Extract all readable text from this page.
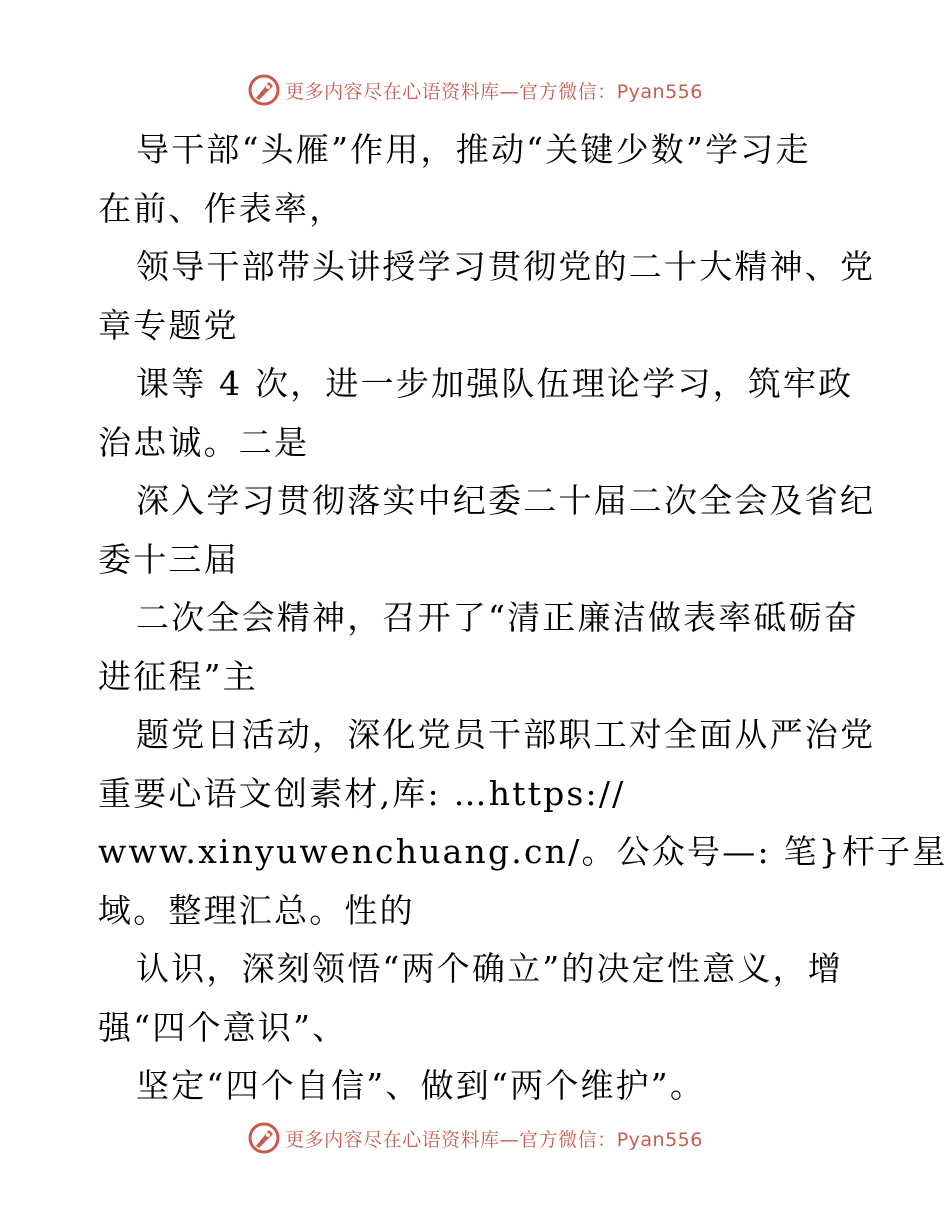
更多内容尽在心语资料库—官方微信：Pyan556
导干部“头雁”作用，推动“关键少数”学习走
在前、作表率，
领导干部带头讲授学习贯彻党的二十大精神、党
章专题党
课等 4 次，进一步加强队伍理论学习，筑牢政
治忠诚。二是
深入学习贯彻落实中纪委二十届二次全会及省纪
委十三届
二次全会精神，召开了“清正廉洁做表率砥砺奋
进征程”主
题党日活动，深化党员干部职工对全面从严治党
重要心语文创素材,库: …https://
www.xinyuwenchuang.cn/。公众号—: 笔}杆子星
域。整理汇总。性的
认识，深刻领悟“两个确立”的决定性意义，增
强“四个意识”、
坚定“四个自信”、做到“两个维护”。
更多内容尽在心语资料库—官方微信：Pyan556
